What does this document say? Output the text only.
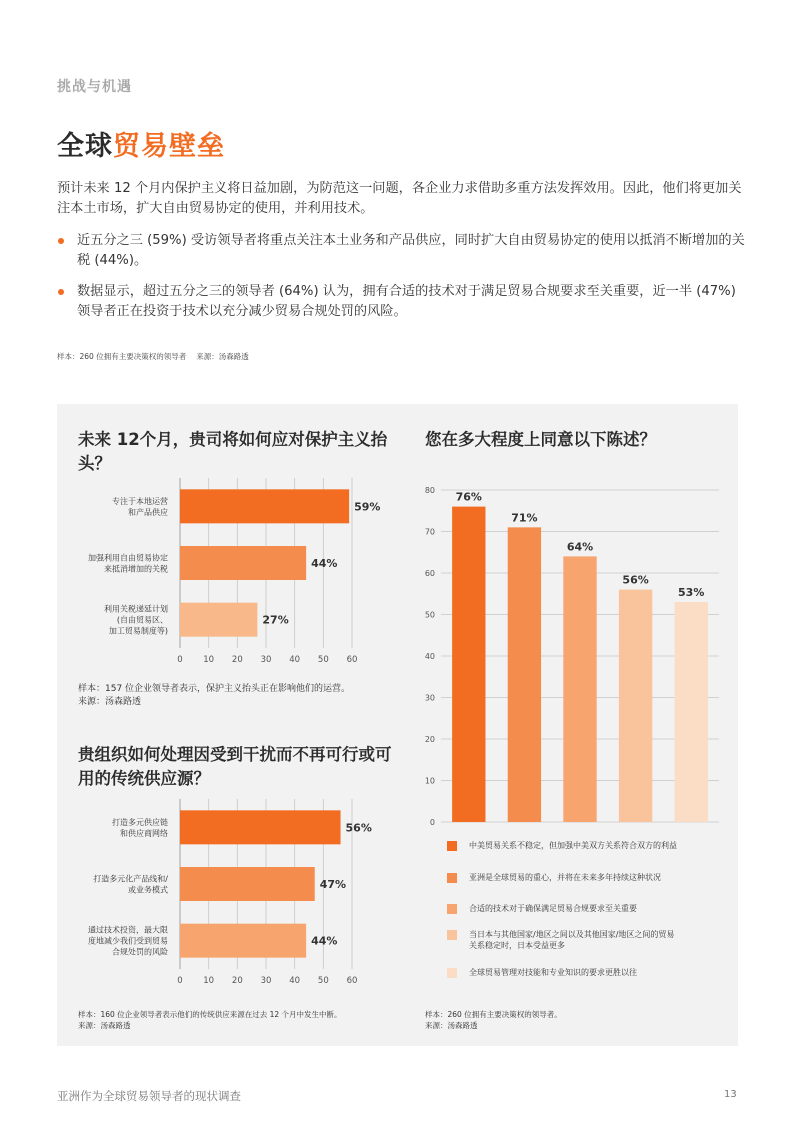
挑战与机遇
全球贸易壁垒

预计未来 12 个月内保护主义将日益加剧，为防范这一问题，各企业力求借助多重方法发挥效用。因此，他们将更加关注本土市场，扩大自由贸易协定的使用，并利用技术。

近五分之三 (59%) 受访领导者将重点关注本土业务和产品供应，同时扩大自由贸易协定的使用以抵消不断增加的关税 (44%)。
数据显示，超过五分之三的领导者 (64%) 认为，拥有合适的技术对于满足贸易合规要求至关重要，近一半 (47%) 领导者正在投资于技术以充分减少贸易合规处罚的风险。
样本：260 位拥有主要决策权的领导者 来源：汤森路透
未来 12个月，贵司将如何应对保护主义抬头？
0 10 20 30 40 50 60
59%
专注于本地运营
和产品供应
44%
加强利用自由贸易协定
来抵消增加的关税
27%
利用关税递延计划
(自由贸易区、
加工贸易制度等)
样本：157 位企业领导者表示，保护主义抬头正在影响他们的运营。
来源：汤森路透
贵组织如何处理因受到干扰而不再可行或可用的传统供应源？
0 10 20 30 40 50 60
56%
打造多元供应链
和供应商网络
47%
打造多元化产品线和/
或业务模式
44%
通过技术投资，最大限
度地减少我们受到贸易
合规处罚的风险
样本：160 位企业领导者表示他们的传统供应来源在过去 12 个月中发生中断。
来源：汤森路透
您在多大程度上同意以下陈述？
0
10
20
30
40
50
60
70
80
76%
71%
64%
56%
53%
中美贸易关系不稳定，但加强中美双方关系符合双方的利益
亚洲是全球贸易的重心，并将在未来多年持续这种状况
合适的技术对于确保满足贸易合规要求至关重要
当日本与其他国家/地区之间以及其他国家/地区之间的贸易
关系稳定时，日本受益更多
全球贸易管理对技能和专业知识的要求更胜以往
样本：260 位拥有主要决策权的领导者。
来源：汤森路透
亚洲作为全球贸易领导者的现状调查	13
